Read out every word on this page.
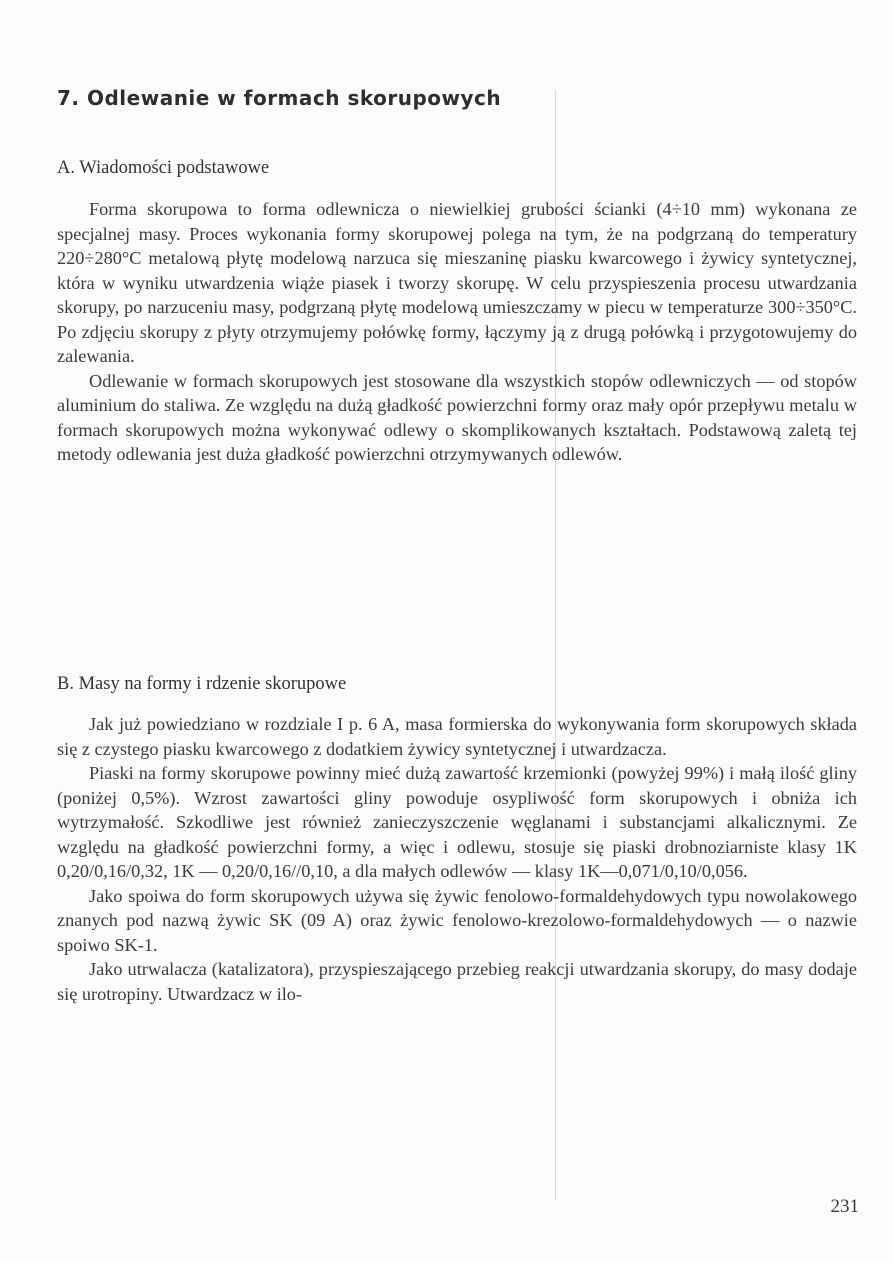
7. Odlewanie w formach skorupowych
A. Wiadomości podstawowe

Forma skorupowa to forma odlewnicza o niewielkiej grubości ścianki (4÷10 mm) wykonana ze specjalnej masy. Proces wykonania formy skorupowej polega na tym, że na podgrzaną do temperatury 220÷280°C metalową płytę modelową narzuca się mieszaninę piasku kwarcowego i żywicy syntetycznej, która w wyniku utwardzenia wiąże piasek i tworzy skorupę. W celu przyspieszenia procesu utwardzania skorupy, po narzuceniu masy, podgrzaną płytę modelową umieszczamy w piecu w temperaturze 300÷350°C. Po zdjęciu skorupy z płyty otrzymujemy połówkę formy, łączymy ją z drugą połówką i przygotowujemy do zalewania.

Odlewanie w formach skorupowych jest stosowane dla wszystkich stopów odlewniczych — od stopów aluminium do staliwa. Ze względu na dużą gładkość powierzchni formy oraz mały opór przepływu metalu w formach skorupowych można wykonywać odlewy o skomplikowanych kształtach. Podstawową zaletą tej metody odlewania jest duża gładkość powierzchni otrzymywanych odlewów.

B. Masy na formy i rdzenie skorupowe

Jak już powiedziano w rozdziale I p. 6 A, masa formierska do wykonywania form skorupowych składa się z czystego piasku kwarcowego z dodatkiem żywicy syntetycznej i utwardzacza.

Piaski na formy skorupowe powinny mieć dużą zawartość krzemionki (powyżej 99%) i małą ilość gliny (poniżej 0,5%). Wzrost zawartości gliny powoduje osypliwość form skorupowych i obniża ich wytrzymałość. Szkodliwe jest również zanieczyszczenie węglanami i substancjami alkalicznymi. Ze względu na gładkość powierzchni formy, a więc i odlewu, stosuje się piaski drobnoziarniste klasy 1K 0,20/0,16/0,32, 1K — 0,20/0,16//0,10, a dla małych odlewów — klasy 1K—0,071/0,10/0,056.

Jako spoiwa do form skorupowych używa się żywic fenolowo-formaldehydowych typu nowolakowego znanych pod nazwą żywic SK (09 A) oraz żywic fenolowo-krezolowo-formaldehydowych — o nazwie spoiwo SK-1.

Jako utrwalacza (katalizatora), przyspieszającego przebieg reakcji utwardzania skorupy, do masy dodaje się urotropiny. Utwardzacz w ilo-

231
